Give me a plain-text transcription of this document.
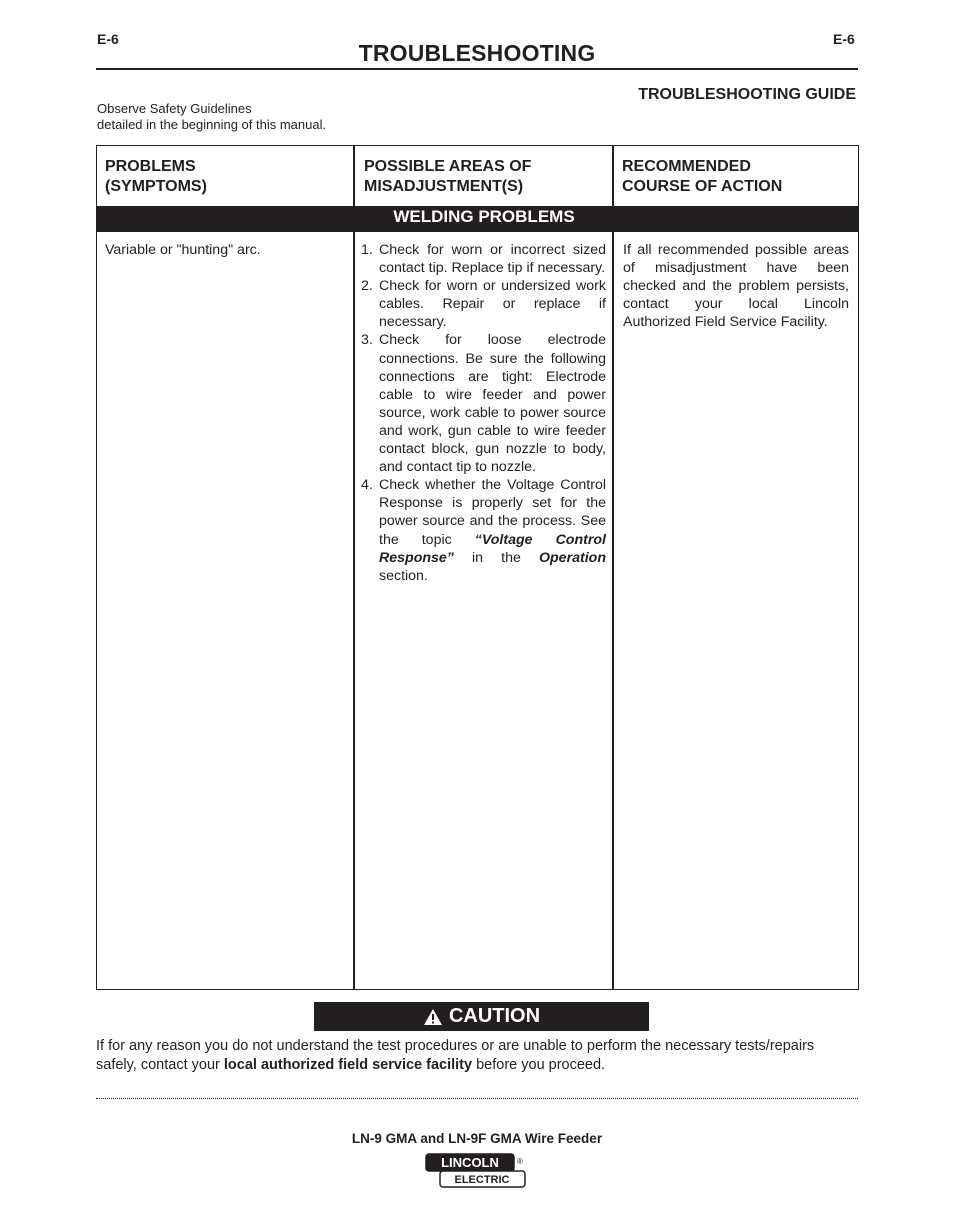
E-6	E-6
TROUBLESHOOTING
TROUBLESHOOTING GUIDE
Observe Safety Guidelines
detailed in the beginning of this manual.
PROBLEMS
(SYMPTOMS)
POSSIBLE AREAS OF
MISADJUSTMENT(S)
RECOMMENDED
COURSE OF ACTION
WELDING PROBLEMS
Variable or "hunting" arc.	1. Check for worn or incorrect sized contact tip. Replace tip if necessary.
2. Check for worn or undersized work cables. Repair or replace if necessary.
3. Check for loose electrode connections. Be sure the following connections are tight: Electrode cable to wire feeder and power source, work cable to power source and work, gun cable to wire feeder contact block, gun nozzle to body, and contact tip to nozzle.
4. Check whether the Voltage Control Response is properly set for the power source and the process. See the topic “Voltage Control Response” in the Operation section.
If all recommended possible areas of misadjustment have been checked and the problem persists, contact your local Lincoln Authorized Field Service Facility.
CAUTION
If for any reason you do not understand the test procedures or are unable to perform the necessary tests/repairs safely, contact your local authorized field service facility before you proceed.
LN-9 GMA and LN-9F GMA Wire Feeder
LINCOLN ®
ELECTRIC
